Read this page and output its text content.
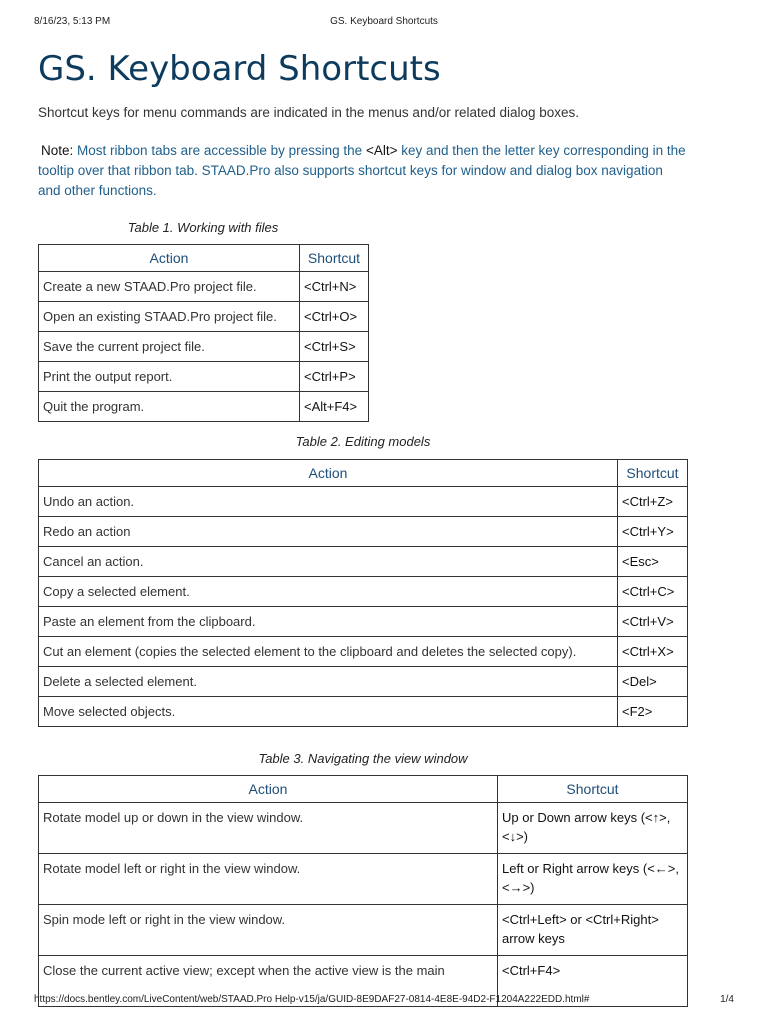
8/16/23, 5:13 PM	GS. Keyboard Shortcuts
GS. Keyboard Shortcuts

Shortcut keys for menu commands are indicated in the menus and/or related dialog boxes.

Note: Most ribbon tabs are accessible by pressing the <Alt> key and then the letter key corresponding in the tooltip over that ribbon tab. STAAD.Pro also supports shortcut keys for window and dialog box navigation and other functions.

Table 1. Working with files
Action	Shortcut
Create a new STAAD.Pro project file.	<Ctrl+N>
Open an existing STAAD.Pro project file.	<Ctrl+O>
Save the current project file.	<Ctrl+S>
Print the output report.	<Ctrl+P>
Quit the program.	<Alt+F4>
Table 2. Editing models
Action	Shortcut
Undo an action.	<Ctrl+Z>
Redo an action	<Ctrl+Y>
Cancel an action.	<Esc>
Copy a selected element.	<Ctrl+C>
Paste an element from the clipboard.	<Ctrl+V>
Cut an element (copies the selected element to the clipboard and deletes the selected copy).	<Ctrl+X>
Delete a selected element.	<Del>
Move selected objects.	<F2>
Table 3. Navigating the view window
Action	Shortcut
Rotate model up or down in the view window.	Up or Down arrow keys (<↑>, <↓>)
Rotate model left or right in the view window.	Left or Right arrow keys (<←>, <→>)
Spin mode left or right in the view window.	<Ctrl+Left> or <Ctrl+Right> arrow keys
Close the current active view; except when the active view is the main	<Ctrl+F4>
https://docs.bentley.com/LiveContent/web/STAAD.Pro Help-v15/ja/GUID-8E9DAF27-0814-4E8E-94D2-F1204A222EDD.html#	1/4
